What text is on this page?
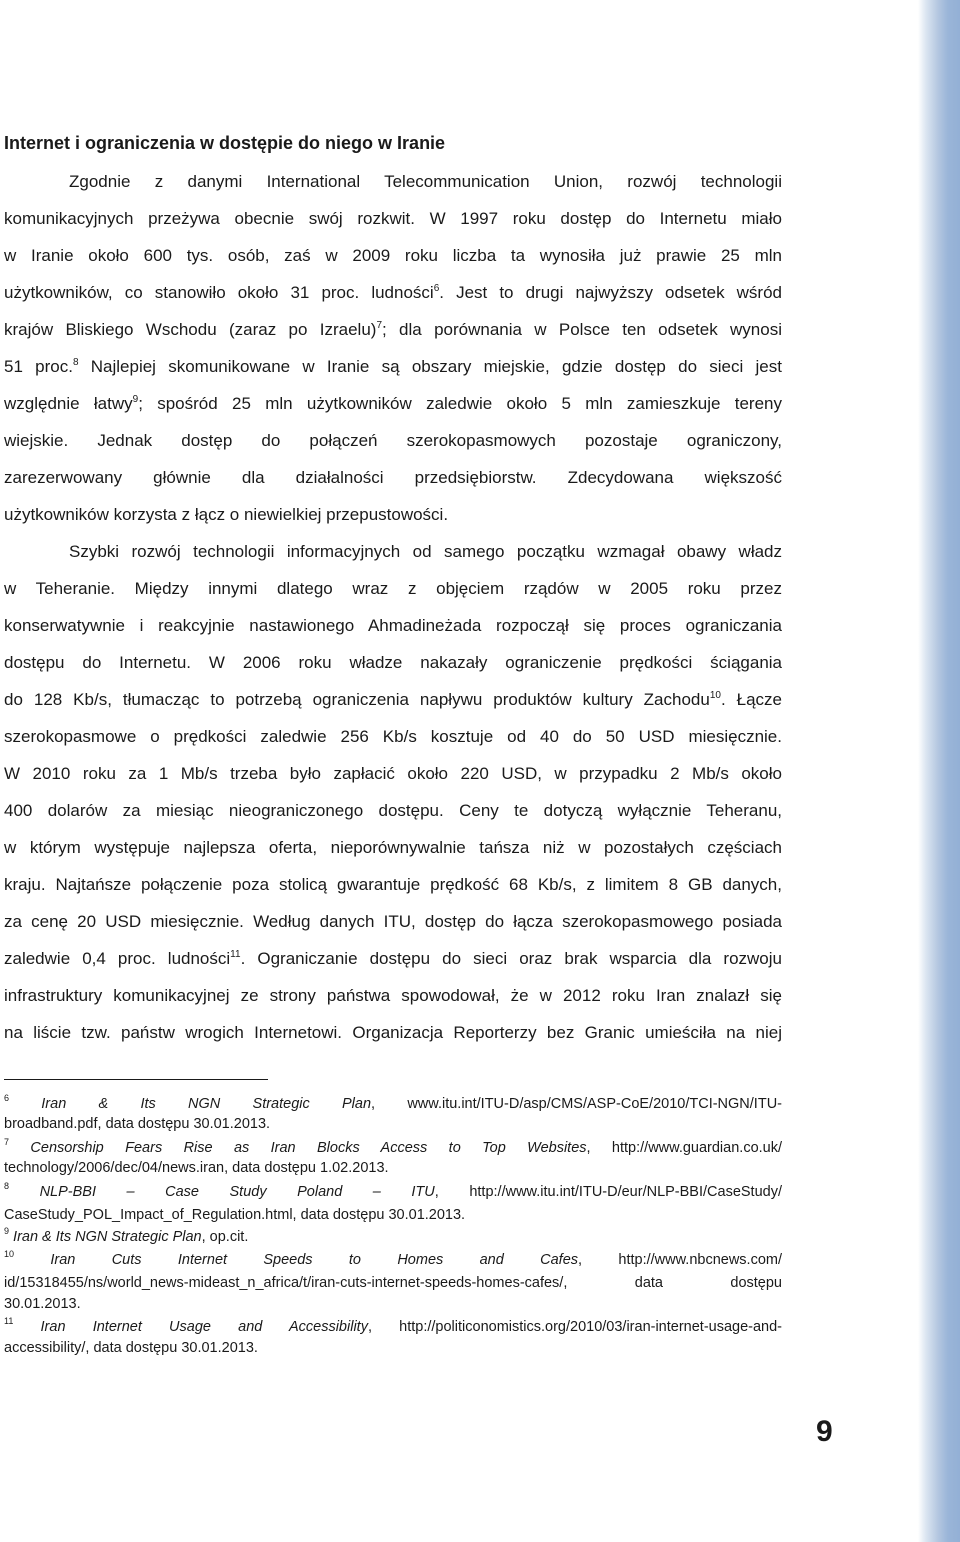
Internet i ograniczenia w dostępie do niego w Iranie
Zgodnie z danymi International Telecommunication Union, rozwój technologii
komunikacyjnych przeżywa obecnie swój rozkwit. W 1997 roku dostęp do Internetu miało
w Iranie około 600 tys. osób, zaś w 2009 roku liczba ta wynosiła już prawie 25 mln
użytkowników, co stanowiło około 31 proc. ludności$^6$. Jest to drugi najwyższy odsetek wśród
krajów Bliskiego Wschodu (zaraz po Izraelu)$^7$; dla porównania w Polsce ten odsetek wynosi
51 proc.$^8$ Najlepiej skomunikowane w Iranie są obszary miejskie, gdzie dostęp do sieci jest
względnie łatwy$^9$; spośród 25 mln użytkowników zaledwie około 5 mln zamieszkuje tereny
wiejskie. Jednak dostęp do połączeń szerokopasmowych pozostaje ograniczony,
zarezerwowany głównie dla działalności przedsiębiorstw. Zdecydowana większość
użytkowników korzysta z łącz o niewielkiej przepustowości.
Szybki rozwój technologii informacyjnych od samego początku wzmagał obawy władz
w Teheranie. Między innymi dlatego wraz z objęciem rządów w 2005 roku przez
konserwatywnie i reakcyjnie nastawionego Ahmadineżada rozpoczął się proces ograniczania
dostępu do Internetu. W 2006 roku władze nakazały ograniczenie prędkości ściągania
do 128 Kb/s, tłumacząc to potrzebą ograniczenia napływu produktów kultury Zachodu$^{10}$. Łącze
szerokopasmowe o prędkości zaledwie 256 Kb/s kosztuje od 40 do 50 USD miesięcznie.
W 2010 roku za 1 Mb/s trzeba było zapłacić około 220 USD, w przypadku 2 Mb/s około
400 dolarów za miesiąc nieograniczonego dostępu. Ceny te dotyczą wyłącznie Teheranu,
w którym występuje najlepsza oferta, nieporównywalnie tańsza niż w pozostałych częściach
kraju. Najtańsze połączenie poza stolicą gwarantuje prędkość 68 Kb/s, z limitem 8 GB danych,
za cenę 20 USD miesięcznie. Według danych ITU, dostęp do łącza szerokopasmowego posiada
zaledwie 0,4 proc. ludności$^{11}$. Ograniczanie dostępu do sieci oraz brak wsparcia dla rozwoju
infrastruktury komunikacyjnej ze strony państwa spowodował, że w 2012 roku Iran znalazł się
na liście tzw. państw wrogich Internetowi. Organizacja Reporterzy bez Granic umieściła na niej
$^6$ Iran & Its NGN Strategic Plan, www.itu.int/ITU-D/asp/CMS/ASP-CoE/2010/TCI-NGN/ITU-
broadband.pdf, data dostępu 30.01.2013.
$^7$ Censorship Fears Rise as Iran Blocks Access to Top Websites, http://www.guardian.co.uk/
technology/2006/dec/04/news.iran, data dostępu 1.02.2013.
$^8$ NLP-BBI – Case Study Poland – ITU, http://www.itu.int/ITU-D/eur/NLP-BBI/CaseStudy/
CaseStudy_POL_Impact_of_Regulation.html, data dostępu 30.01.2013.
$^9$ Iran & Its NGN Strategic Plan, op.cit.
$^{10}$	Iran Cuts Internet Speeds to Homes and Cafes, http://www.nbcnews.com/
id/15318455/ns/world_news-mideast_n_africa/t/iran-cuts-internet-speeds-homes-cafes/, data dostępu
30.01.2013.
$^{11}$ Iran Internet Usage and Accessibility, http://politiconomistics.org/2010/03/iran-internet-usage-and-
accessibility/, data dostępu 30.01.2013.
9
